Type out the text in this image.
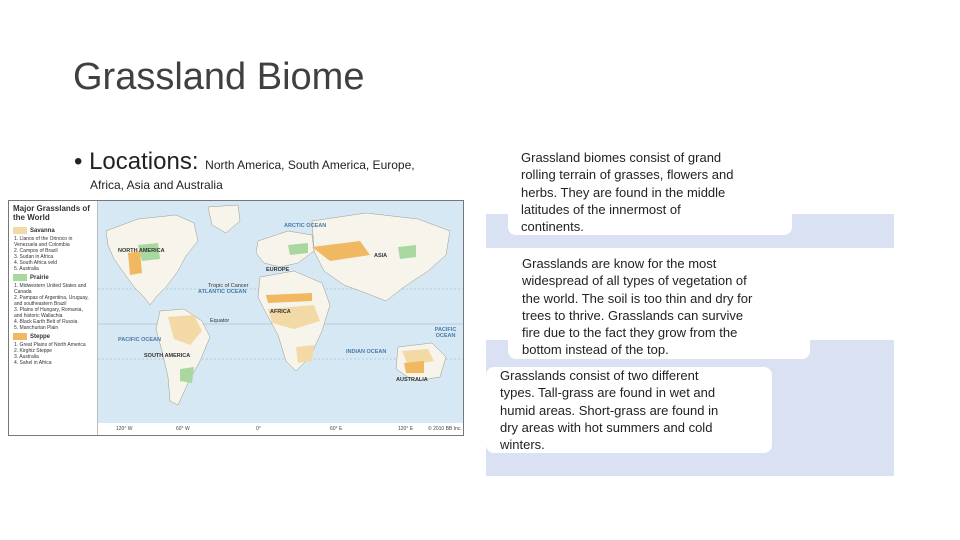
Grassland Biome
• Locations: North America, South America, Europe,
Africa, Asia and Australia
Major Grasslands of the World
Savanna
1. Llanos of the Orinoco in Venezuela and Colombia
2. Campos of Brazil
3. Sudan in Africa
4. South Africa veld
5. Australia
Prairie
1. Midwestern United States and Canada
2. Pampas of Argentina, Uruguay, and southeastern Brazil
3. Plains of Hungary, Romania, and historic Wallachia
4. Black Earth Belt of Russia
5. Manchurian Plain
Steppe
1. Great Plains of North America
2. Kirghiz Steppe
3. Australia
4. Sahel in Africa
NORTH AMERICA
EUROPE
ASIA
AFRICA
SOUTH AMERICA
AUSTRALIA
ARCTIC OCEAN
ATLANTIC OCEAN
PACIFIC OCEAN
PACIFIC OCEAN
INDIAN OCEAN
Tropic of Cancer
Equator
120° W	60° W	0°	60° E	120° E	© 2010 BB Inc.
Grassland biomes consist of grand
rolling terrain of grasses, flowers and
herbs. They are found in the middle
latitudes of the innermost of
continents.
Grasslands are know for the most
widespread of all types of vegetation of
the world. The soil is too thin and dry for
trees to thrive. Grasslands can survive
fire due to the fact they grow from the
bottom instead of the top.
Grasslands consist of two different
types. Tall-grass are found in wet and
humid areas. Short-grass are found in
dry areas with hot summers and cold
winters.
